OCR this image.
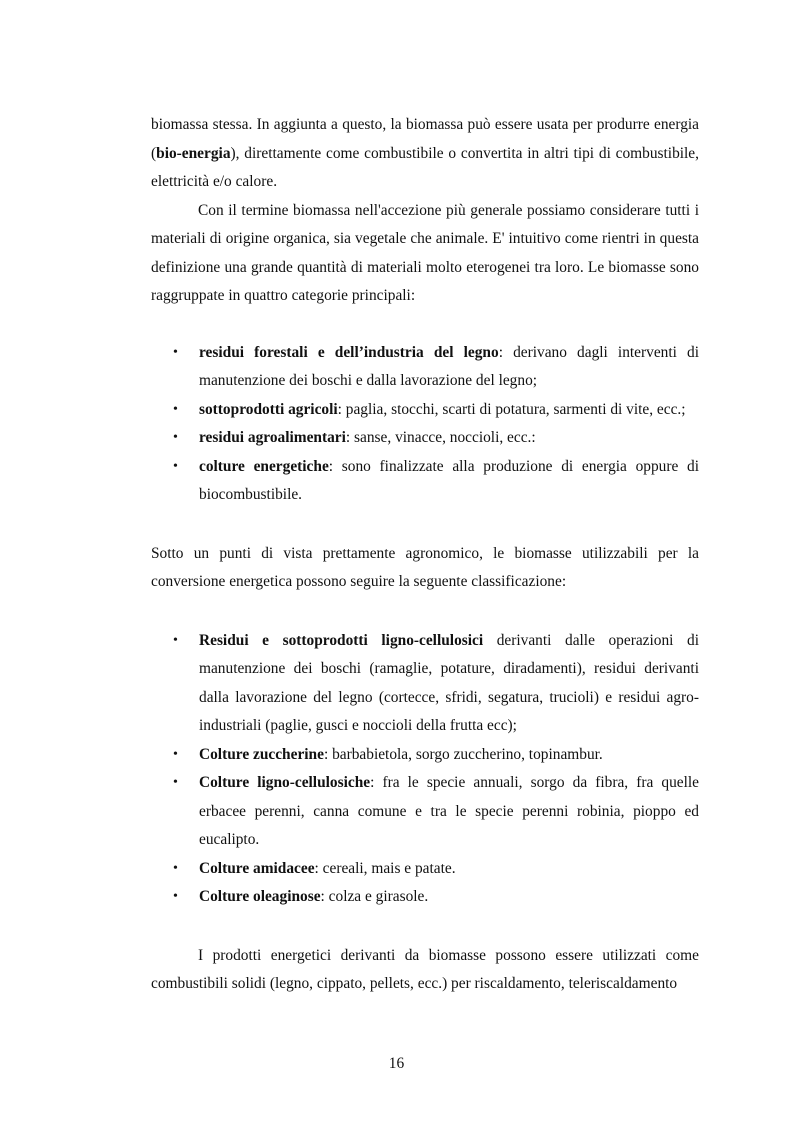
biomassa stessa. In aggiunta a questo, la biomassa può essere usata per produrre energia (bio-energia), direttamente come combustibile o convertita in altri tipi di combustibile, elettricità e/o calore.

Con il termine biomassa nell'accezione più generale possiamo considerare tutti i materiali di origine organica, sia vegetale che animale. E' intuitivo come rientri in questa definizione una grande quantità di materiali molto eterogenei tra loro. Le biomasse sono raggruppate in quattro categorie principali:

• residui forestali e dell’industria del legno: derivano dagli interventi di manutenzione dei boschi e dalla lavorazione del legno;
• sottoprodotti agricoli: paglia, stocchi, scarti di potatura, sarmenti di vite, ecc.;
• residui agroalimentari: sanse, vinacce, noccioli, ecc.:
• colture energetiche: sono finalizzate alla produzione di energia oppure di biocombustibile.

Sotto un punti di vista prettamente agronomico, le biomasse utilizzabili per la conversione energetica possono seguire la seguente classificazione:

• Residui e sottoprodotti ligno-cellulosici derivanti dalle operazioni di manutenzione dei boschi (ramaglie, potature, diradamenti), residui derivanti dalla lavorazione del legno (cortecce, sfridi, segatura, trucioli) e residui agro-industriali (paglie, gusci e noccioli della frutta ecc);
• Colture zuccherine: barbabietola, sorgo zuccherino, topinambur.
• Colture ligno-cellulosiche: fra le specie annuali, sorgo da fibra, fra quelle erbacee perenni, canna comune e tra le specie perenni robinia, pioppo ed eucalipto.
• Colture amidacee: cereali, mais e patate.
• Colture oleaginose: colza e girasole.

I prodotti energetici derivanti da biomasse possono essere utilizzati come combustibili solidi (legno, cippato, pellets, ecc.) per riscaldamento, teleriscaldamento

16
